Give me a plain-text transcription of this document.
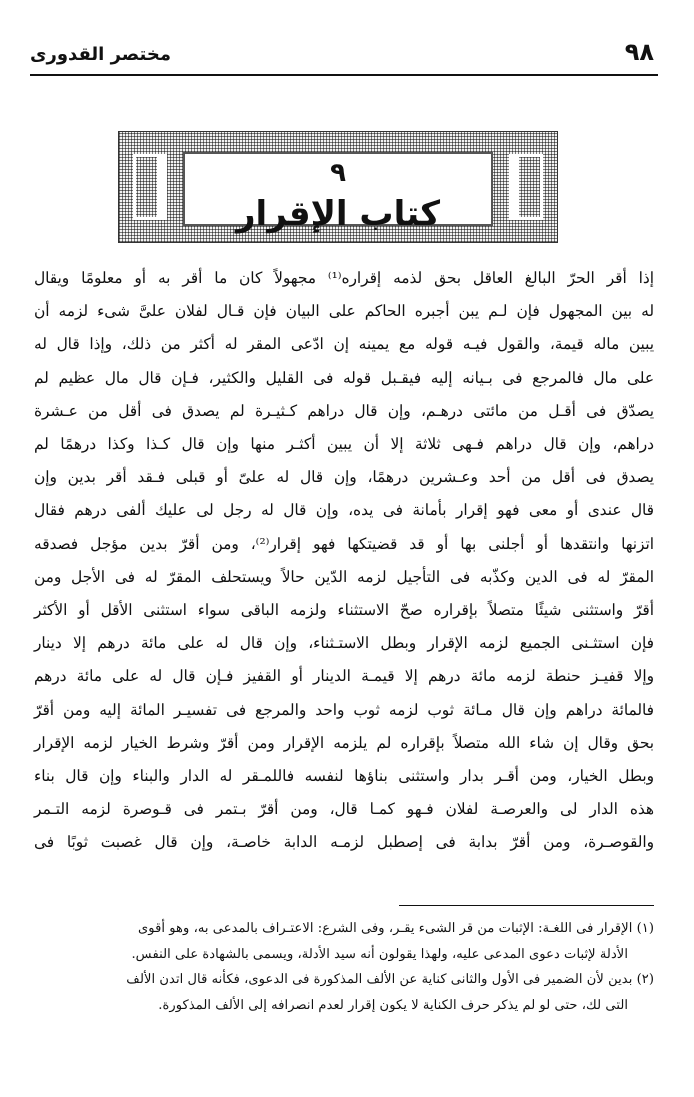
٩٨
مختصر القدورى
٩
كتاب الإقرار

إذا أقر الحرّ البالغ العاقل بحق لذمه إقراره⁽¹⁾ مجهولاً كان ما أقر به أو معلومًا ويقال

له بين المجهول فإن لـم يبن أجبره الحاكم على البيان فإن قـال لفلان علىَّ شىء لزمه أن

يبين ماله قيمة، والقول فيـه قوله مع يمينه إن ادّعى المقر له أكثر من ذلك، وإذا قال له

على مال فالمرجع فى بـيانه إليه فيقـبل قوله فى القليل والكثير، فـإن قال مال عظيم لم

يصدّق فى أقـل من مائتى درهـم، وإن قال دراهم كـثيـرة لم يصدق فى أقل من عـشرة

دراهم، وإن قال دراهم فـهى ثلاثة إلا أن يبين أكثـر منها وإن قال كـذا وكذا درهمًا لم

يصدق فى أقل من أحد وعـشرين درهمًا، وإن قال له علىّ أو قبلى فـقد أقر بدين وإن

قال عندى أو معى فهو إقرار بأمانة فى يده، وإن قال له رجل لى عليك ألفى درهم فقال

اتزنها وانتقدها أو أجلنى بها أو قد قضيتكها فهو إقرار⁽²⁾، ومن أقرّ بدين مؤجل فصدقه

المقرّ له فى الدين وكذّبه فى التأجيل لزمه الدّين حالاً ويستحلف المقرّ له فى الأجل ومن

أقرّ واستثنى شيئًا متصلاً بإقراره صحّ الاستثناء ولزمه الباقى سواء استثنى الأقل أو الأكثر

فإن استثـنى الجميع لزمه الإقرار وبطل الاستـثناء، وإن قال له على مائة درهم إلا دينار

وإلا قفيـز حنطة لزمه مائة درهم إلا قيمـة الدينار أو القفيز فـإن قال له على مائة درهم

فالمائة دراهم وإن قال مـائة ثوب لزمه ثوب واحد والمرجع فى تفسيـر المائة إليه ومن أقرّ

بحق وقال إن شاء الله متصلاً بإقراره لم يلزمه الإقرار ومن أقرّ وشرط الخيار لزمه الإقرار

وبطل الخيار، ومن أقـر بدار واستثنى بناؤها لنفسه فاللمـقر له الدار والبناء وإن قال بناء

هذه الدار لى والعرصـة لفلان فـهو كمـا قال، ومن أقرّ بـتمر فى قـوصرة لزمه التـمر

والقوصـرة، ومن أقرّ بدابة فى إصطبل لزمـه الدابة خاصـة، وإن قال غصبت ثوبًا فى

(١) الإقرار فى اللغـة: الإثبات من قر الشىء يقـر، وفى الشرع: الاعتـراف بالمدعى به، وهو أقوى

الأدلة لإثبات دعوى المدعى عليه، ولهذا يقولون أنه سيد الأدلة، ويسمى بالشهادة على النفس.

(٢) بدين لأن الضمير فى الأول والثانى كناية عن الألف المذكورة فى الدعوى، فكأنه قال اتدن الألف

التى لك، حتى لو لم يذكر حرف الكناية لا يكون إقرار لعدم انصرافه إلى الألف المذكورة.
